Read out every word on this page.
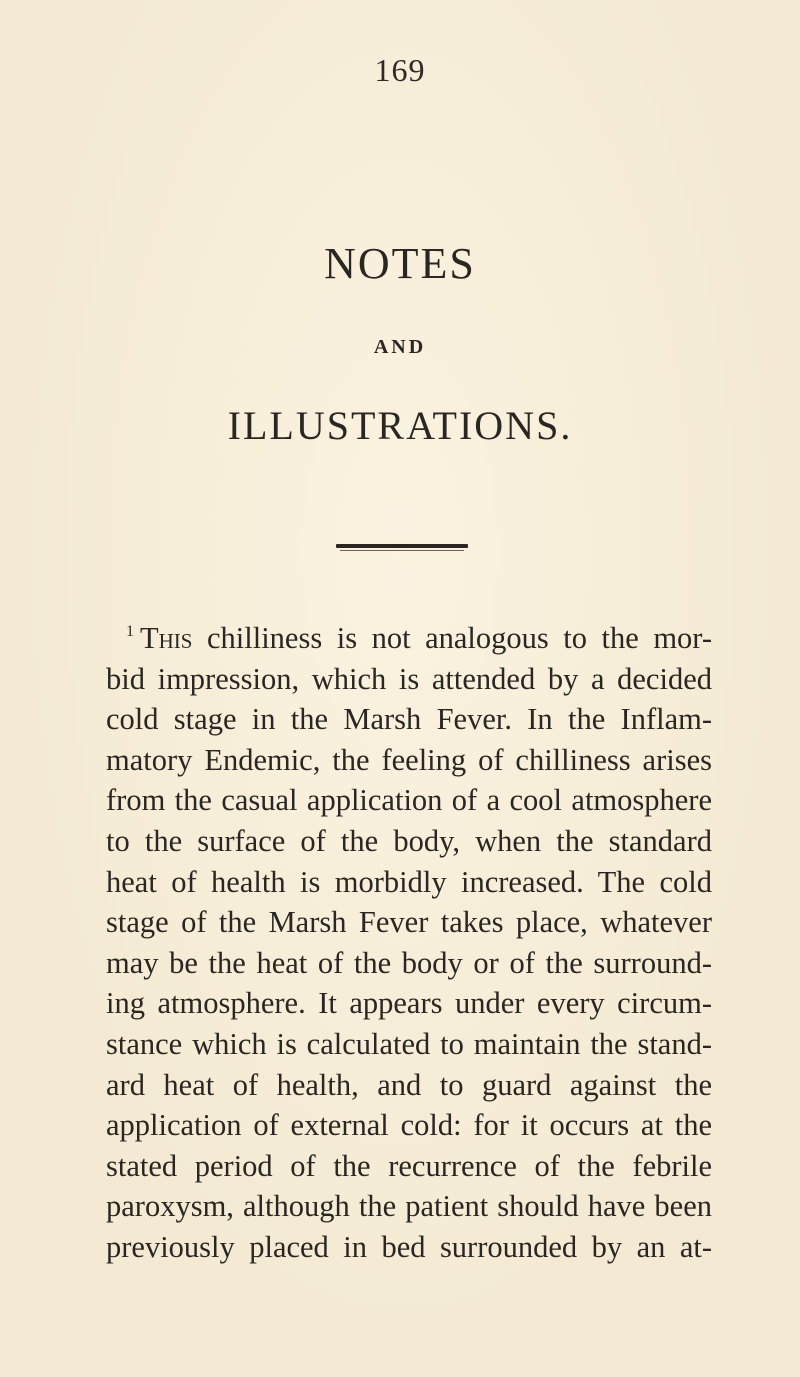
169
NOTES
AND
ILLUSTRATIONS.
$^1$ This chilliness is not analogous to the mor-
bid impression, which is attended by a decided
cold stage in the Marsh Fever. In the Inflam-
matory Endemic, the feeling of chilliness arises
from the casual application of a cool atmosphere
to the surface of the body, when the standard
heat of health is morbidly increased. The cold
stage of the Marsh Fever takes place, whatever
may be the heat of the body or of the surround-
ing atmosphere. It appears under every circum-
stance which is calculated to maintain the stand-
ard heat of health, and to guard against the
application of external cold: for it occurs at the
stated period of the recurrence of the febrile
paroxysm, although the patient should have been
previously placed in bed surrounded by an at-
